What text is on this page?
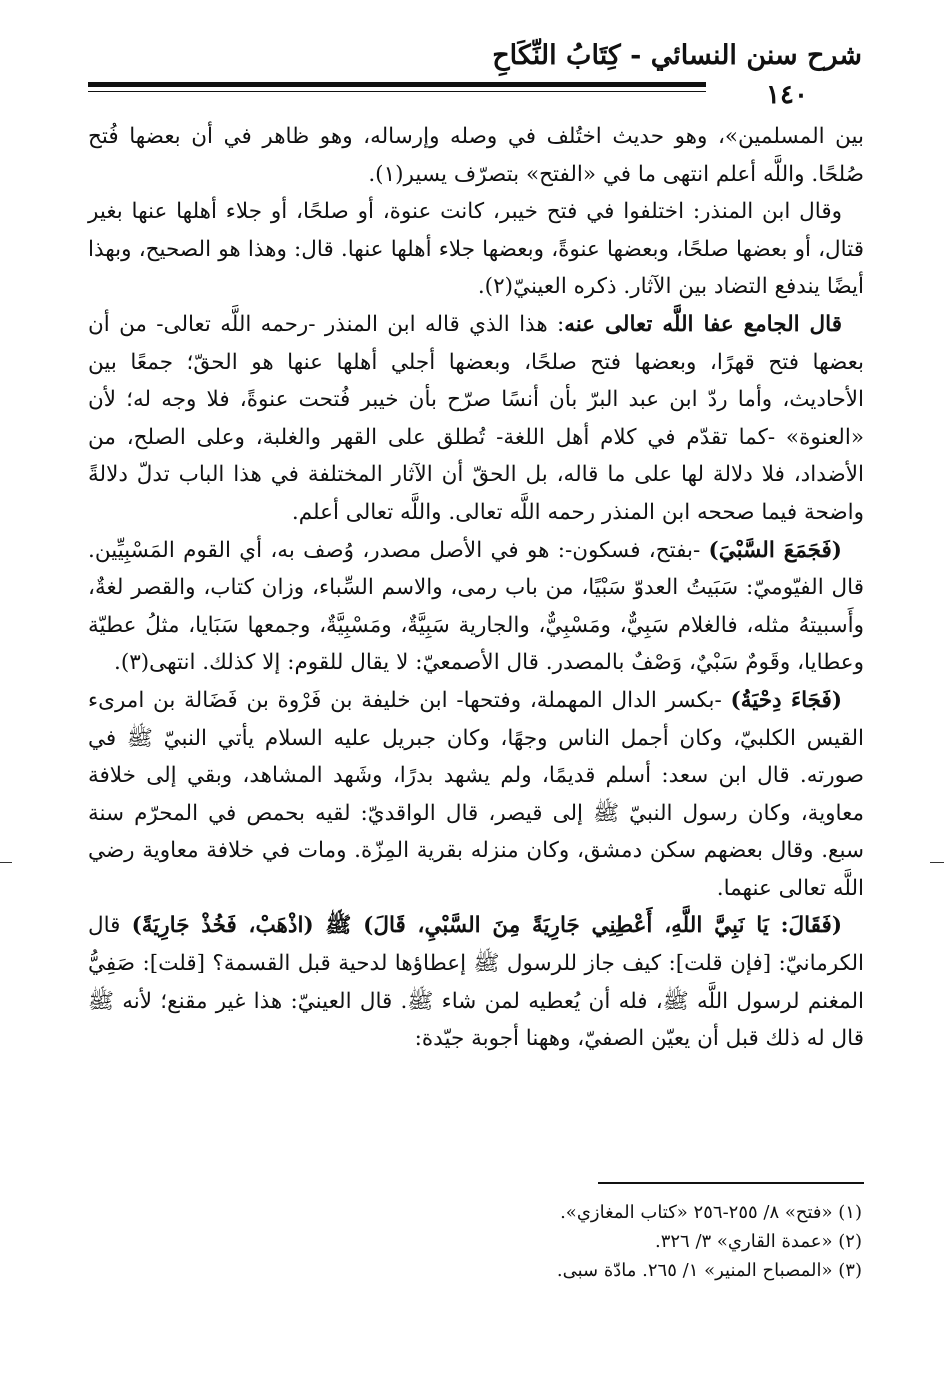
شرح سنن النسائي - كِتَابُ النِّكَاحِ
١٤٠

بين المسلمين»، وهو حديث اختُلف في وصله وإرساله، وهو ظاهر في أن بعضها فُتح صُلحًا. واللَّه أعلم انتهى ما في «الفتح» بتصرّف يسير(١).

وقال ابن المنذر: اختلفوا في فتح خيبر، كانت عنوة، أو صلحًا، أو جلاء أهلها عنها بغير قتال، أو بعضها صلحًا، وبعضها عنوةً، وبعضها جلاء أهلها عنها. قال: وهذا هو الصحيح، وبهذا أيضًا يندفع التضاد بين الآثار. ذكره العينيّ(٢).

قال الجامع عفا اللَّه تعالى عنه: هذا الذي قاله ابن المنذر -رحمه اللَّه تعالى- من أن بعضها فتح قهرًا، وبعضها فتح صلحًا، وبعضها أجلي أهلها عنها هو الحقّ؛ جمعًا بين الأحاديث، وأما ردّ ابن عبد البرّ بأن أنسًا صرّح بأن خيبر فُتحت عنوةً، فلا وجه له؛ لأن «العنوة» -كما تقدّم في كلام أهل اللغة- تُطلق على القهر والغلبة، وعلى الصلح، من الأضداد، فلا دلالة لها على ما قاله، بل الحقّ أن الآثار المختلفة في هذا الباب تدلّ دلالةً واضحة فيما صححه ابن المنذر رحمه اللَّه تعالى. واللَّه تعالى أعلم.

(فَجَمَعَ السَّبْيَ) -بفتح، فسكون-: هو في الأصل مصدر، وُصف به، أي القوم المَسْبِيِّين. قال الفيّوميّ: سَبَيتُ العدوّ سَبْيًا، من باب رمى، والاسم السِّباء، وزان كتاب، والقصر لغةٌ، وأَسبيتهُ مثله، فالغلام سَبِيٌّ، ومَسْبِيٌّ، والجارية سَبِيَّةٌ، ومَسْبِيَّةٌ، وجمعها سَبَايا، مثلُ عطيّة وعطايا، وقَومٌ سَبْيٌ، وَصْفٌ بالمصدر. قال الأصمعيّ: لا يقال للقوم: إلا كذلك. انتهى(٣).

(فَجَاءَ دِحْيَةُ) -بكسر الدال المهملة، وفتحها- ابن خليفة بن فَرْوة بن فَضَالة بن امرىء القيس الكلبيّ، وكان أجمل الناس وجهًا، وكان جبريل عليه السلام يأتي النبيّ ﷺ في صورته. قال ابن سعد: أسلم قديمًا، ولم يشهد بدرًا، وشَهد المشاهد، وبقي إلى خلافة معاوية، وكان رسول النبيّ ﷺ إلى قيصر، قال الواقديّ: لقيه بحمص في المحرّم سنة سبع. وقال بعضهم سكن دمشق، وكان منزله بقرية المِزّة. ومات في خلافة معاوية رضي اللَّه تعالى عنهما.

(فَقَالَ: يَا نَبِيَّ اللَّهِ، أَعْطِنِي جَارِيَةً مِنَ السَّبْيِ، قَالَ) ﷺ (اذْهَبْ، فَخُذْ جَارِيَةً) قال الكرمانيّ: [فإن قلت]: كيف جاز للرسول ﷺ إعطاؤها لدحية قبل القسمة؟ [قلت]: صَفِيُّ المغنم لرسول اللَّه ﷺ، فله أن يُعطيه لمن شاء ﷺ. قال العينيّ: هذا غير مقنع؛ لأنه ﷺ قال له ذلك قبل أن يعيّن الصفيّ، وههنا أجوبة جيّدة:

(١) «فتح» ٨/ ٢٥٥-٢٥٦ «كتاب المغازي».
(٢) «عمدة القاري» ٣/ ٣٢٦.
(٣) «المصباح المنير» ١/ ٢٦٥. مادّة سبى.
